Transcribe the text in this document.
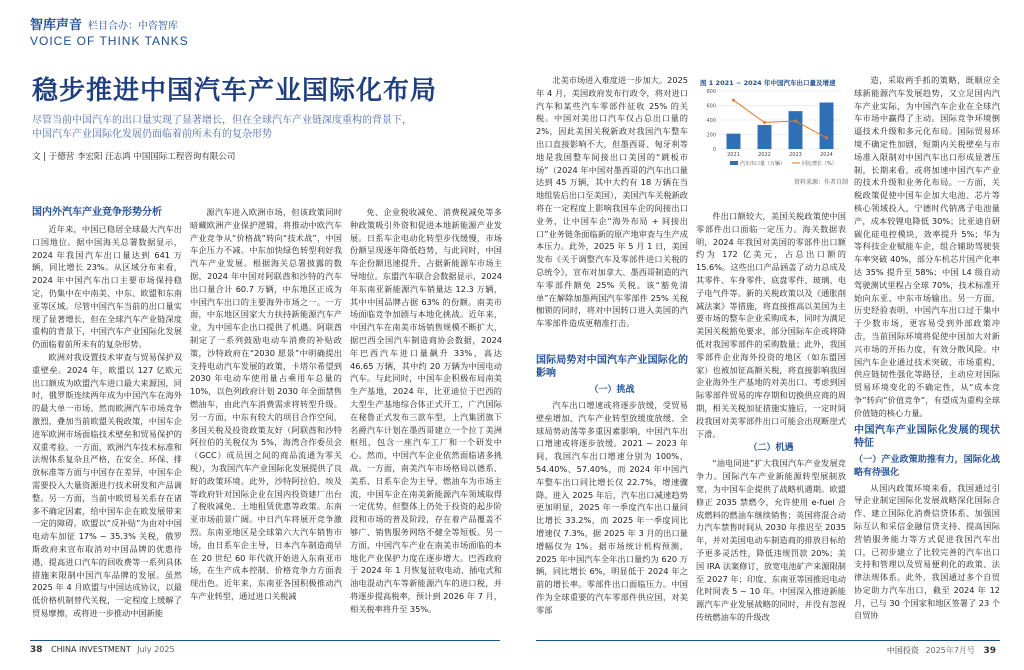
智库声音 栏目合办：中咨智库
VOICE OF THINK TANKS
稳步推进中国汽车产业国际化布局
尽管当前中国汽车的出口量实现了显著增长，但在全球汽车产业链深度重构的背景下，
中国汽车产业国际化发展仍面临着前所未有的复杂形势
文 | 于德营 李宏阳 汪志鸿 中国国际工程咨询有限公司
国内外汽车产业竞争形势分析

近年来，中国已稳居全球最大汽车出口国地位。据中国海关总署数据显示，2024 年我国汽车出口量达到 641 万辆，同比增长 23%。从区域分布来看，2024 年中国汽车出口主要市场保持稳定，仍集中在中南美、中东、欧盟和东南亚等区域。尽管中国汽车当前的出口量实现了显著增长，但在全球汽车产业链深度重构的背景下，中国汽车产业国际化发展仍面临着前所未有的复杂形势。

欧洲对我设置技术审查与贸易保护双重壁垒。2024 年，欧盟以 127 亿欧元出口额成为欧盟汽车进口最大来源国，同时，俄罗斯连续两年成为中国汽车在海外的最大单一市场。然而欧洲汽车市场竞争激烈，叠加当前欧盟关税政策，中国车企进军欧洲市场面临技术壁垒和贸易保护的双重考验。一方面，欧洲汽车技术标准和法规体系复杂且严格，在安全、环保、排放标准等方面与中国存在差异，中国车企需要投入大量资源进行技术研发和产品调整。另一方面，当前中欧贸易关系存在诸多不确定因素，给中国车企在欧发展带来一定的障碍。欧盟以“反补贴”为由对中国电动车加征 17% ~ 35.3% 关税，俄罗斯政府来宣布取消对中国品牌的优惠待遇，提高进口汽车的回收费等一系列具体措施来限制中国汽车品牌的发展。虽然 2025 年 4 月欧盟与中国达成协议，以最低价格机制替代关税，一定程度上缓解了贸易摩擦，或将进一步推动中国新能

源汽车进入欧洲市场，但该政策同时暗藏欧洲产业保护逻辑，将推动中欧汽车产业竞争从“价格战”转向“技术战”，中国车企压力不减。中东加快绿色转型利好我汽车产业发展。根据海关总署披露的数据，2024 年中国对阿联酋和沙特的汽车出口量合计 60.7 万辆，中东地区正成为中国汽车出口的主要海外市场之一。一方面，中东地区国家大力扶持新能源汽车产业，为中国车企出口提供了机遇。阿联酋制定了一系列鼓励电动车消费的补贴政策，沙特政府在“2030 愿景”中明确提出支持电动汽车发展的政策，卡塔尔希望到 2030 年电动车使用量占乘用车总量的 10%，以色列政府计划 2030 年全面禁售燃油车，由此汽车消费需求将转型升级。另一方面，中东有较大的项目合作空间，多国关税及投资政策友好（阿联酋和沙特阿拉伯的关税仅为 5%，海湾合作委员会（GCC）成员国之间的商品流通为零关税），为我国汽车产业国际化发展提供了良好的政策环境。此外，沙特阿拉伯、埃及等政府针对国际企业在国内投资建厂出台了税收减免、土地租赁优惠等政策。东南亚市场前景广阔。中日汽车将展开竞争激烈。东南亚地区是全球第六大汽车销售市场，由日系车企主导，日本汽车制造商早在 20 世纪 60 年代就开始进入东南亚市场，在生产成本控制、价格竞争力方面表现出色。近年来，东南亚各国积极推动汽车产业转型，通过进口关税减

免、企业税收减免、消费税减免等多种政策吸引外资和促进本地新能源产业发展。日系车企电动化转型步伐缓慢，市场份额呈现逐年降低趋势，与此同时，中国车企份额迅速提升，占据新能源车市场主导地位。东盟汽车联合会数据显示，2024 年东南亚新能源汽车销量达 12.3 万辆，其中中国品牌占据 63% 的份额。南美市场面临竞争加剧与本地化挑战。近年来，中国汽车在南美市场销售规模不断扩大，据巴西全国汽车制造商协会数据，2024 年巴西汽车进口量飙升 33%，高达 46.65 万辆，其中约 20 万辆为中国电动汽车。与此同时，中国车企积极布局南美生产基地，2024 年，比亚迪位于巴西的大型生产基地综合体正式开工，广汽国际在秘鲁正式发布三款车型，上汽集团旗下名爵汽车计划在墨西哥建立一个拉丁美洲枢纽，包含一座汽车工厂和一个研发中心。然而，中国汽车企业依然面临诸多挑战。一方面，南美汽车市场格局以德系、美系、日系车企为主导，燃油车为市场主流，中国车企在南美新能源汽车领域取得一定优势，但整体上仍处于投资的起步阶段和市场的普及阶段，存在着产品覆盖不够广、销售服务网络不健全等短板。另一方面，中国汽车产业在南美市场面临的本地化产业保护力度在逐步增大。巴西政府于 2024 年 1 月恢复征收电动、插电式和油电混动汽车等新能源汽车的进口税，并将逐步提高税率，预计到 2026 年 7 月，相关税率将升至 35%。

北美市场进入难度进一步加大。2025 年 4 月，美国政府发布行政令，将对进口汽车和某些汽车零部件征收 25% 的关税。中国对美出口汽车仅占总出口量的 2%，因此美国关税新政对我国汽车整车出口直接影响不大，但墨西哥、匈牙利等地是我国整车间接出口美国的“跳板市场”（2024 年中国对墨西哥的汽车出口量达到 45 万辆，其中大约有 18 万辆在当地组装后出口至美国），美国汽车关税新政将在一定程度上影响我国车企的间接出口业务，让中国车企“海外布局 + 间接出口”业务链条面临新的原产地审查与生产成本压力。此外，2025 年 5 月 1 日，美国发布《关于调整汽车及零部件进口关税的总统令》，宣布对加拿大、墨西哥制造的汽车零部件额免 25% 关税。该“豁免清单”在解除加墨两国汽车零部件 25% 关税枷锁的同时，将对中国转口进入美国的汽车零部件造成更精准打击。

国际局势对中国汽车产业国际化的影响
（一）挑战

汽车出口增速或将逐步放缓，受贸易壁垒增加、汽车产业转型放缓度放缓、全球局势动荡等多重因素影响，中国汽车出口增速或将逐步放缓。2021 ~ 2023 年间，我国汽车出口增速分别为 100%、54.40%、57.40%，而 2024 年中国汽车整车出口同比增长仅 22.7%，增速骤降。进入 2025 年后，汽车出口减速趋势更加明显，2025 年一季度汽车出口量同比增长 33.2%，而 2025 年一季度同比增速仅 7.3%，据 2025 年 3 月的出口量增幅仅为 1%。据市场统计机构预测，2025 年中国汽车全年出口量约为 620 万辆，同比增长 6%，明显低于 2024 年之前的增长率。零部件出口面临压力。中国作为全球重要的汽车零部件供应国，对美零部

件出口额较大，美国关税政策使中国零部件出口面临一定压力。海关数据表明，2024 年我国对美国的零部件出口额约为 172 亿美元，占总出口额的 15.6%。这些出口产品涵盖了动力总成及其零件、车身零件、底盘零件、玻璃、电子电气件等。新的关税政策以及《通胀削减法案》等措施，将直接推高以美国为主要市场的整车企业采购成本，同时为满足美国关税豁免要求，部分国际车企或将降低对我国零部件的采购数量；此外，我国零部件企业海外投资的地区（如东盟国家）也被加征高额关税，将直接影响我国企业海外生产基地的对美出口。考虑到国际零部件贸易的库存期和切换供应商的周期，相关关税加征措施实施后，一定时间段我国对美零部件出口可能会出现断崖式下滑。

（二）机遇

“油电同进”扩大我国汽车产业发展竞争力。国际汽车产业新能源转型展制放宽，为中国车企提供了战略机遇期。欧盟修正 2035 禁燃令，允许使用 e-fuel 合成燃料的燃油车继续销售；英国将混合动力汽车禁售时间从 2030 年推迟至 2035 年，并对美国电动车制造商的排放目标给予更多灵活性，降低违规罚款 20%；美国 IRA 法案修订，放宽电池矿产来源限制至 2027 年；印度、东南亚等国推迟电动化时间表 5 ~ 10 年。中国深入推进新能源汽车产业发展战略的同时，并没有忽视传统燃油车的升级改

造，采取两手抓的策略，既顺应全球新能源汽车发展趋势，又立足国内汽车产业实际，为中国汽车企业在全球汽车市场中赢得了主动。国际竞争环境倒逼技术升级和多元化布局。国际贸易环境不确定性加剧，短期内关税壁垒与市场准入限制对中国汽车出口形成显著压制，长期来看，或将加速中国汽车产业的技术升级和业务化布局。一方面，关税政策促使中国车企加大电池、芯片等核心领域投入，宁德时代钠离子电池量产，成本较锂电降低 30%；比亚迪自研碳化硅电控模块，效率提升 5%；华为等科技企业赋能车企，组合辅助驾驶装车率突破 40%，部分车机芯片国产化率达 35% 提升至 58%；中国 L4 级自动驾驶测试里程占全球 70%，技术标准开始向东亚、中东市场输出。另一方面，历史经验表明，中国汽车出口过于集中于少数市场，更容易受到外部政策冲击，当前国际环境将促使中国加大对新兴市场的开拓力度，有效分散风险。中国汽车企业通过技术突破、市场重构、供应链韧性强化等路径，主动应对国际贸易环境变化的不确定性，从“成本竞争”转向“价值竞争”，有望成为重构全球价值链的核心力量。

中国汽车产业国际化发展的现状特征
（一）产业政策助推有力，国际化战略有待强化

从国内政策环境来看，我国通过引导企业制定国际化发展战略深化国际合作、建立国际化消费信贷体系、加强国际互认和采信金融信贷支持、提高国际营销服务能力等方式促进我国汽车出口，已初步建立了比较完善的汽车出口支持和管理以及贸易便利化的政策、法律法规体系。此外，我国通过多个自贸协定助力汽车出口，截至 2024 年 12 月，已与 30 个国家和地区签署了 23 个自贸协

图 1 2021 ~ 2024 年中国汽车出口量及增速
0
200
400
600
800
2021	2022	2023	2024
汽车出口量（万辆）	同比增长（%）
资料来源：作者自制
38 CHINA INVESTMENT July 2025	中国投资 2025年7月号 39
